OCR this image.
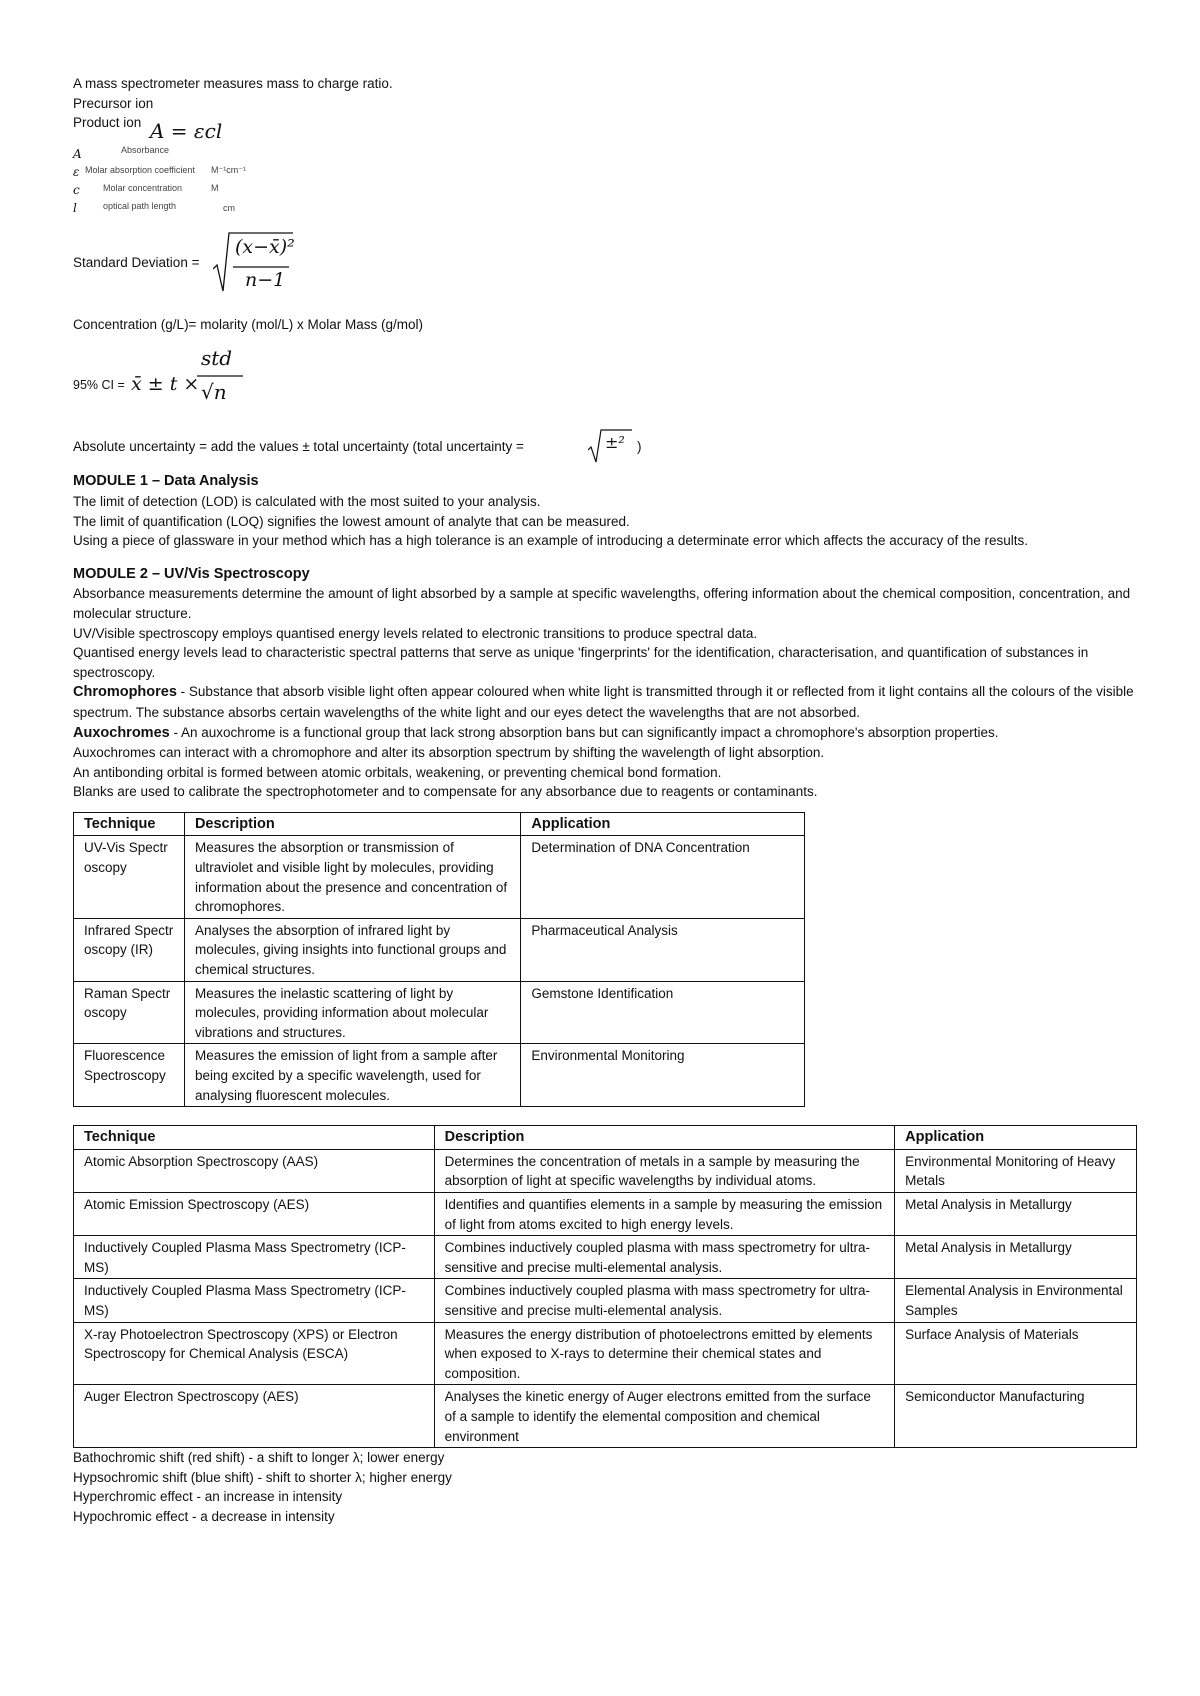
A mass spectrometer measures mass to charge ratio.
Precursor ion
Product ion A = εcl
A	Absorbance
ε Molar absorption coefficient M⁻¹cm⁻¹
c	Molar concentration	M
l	optical path length	cm
Standard Deviation =
(x−x̄)²
n−1
Concentration (g/L)= molarity (mol/L) x Molar Mass (g/mol)
95% CI = x̄ ± t ×
std
√n
Absolute uncertainty = add the values ± total uncertainty (total uncertainty =	±² )
MODULE 1 – Data Analysis
The limit of detection (LOD) is calculated with the most suited to your analysis.
The limit of quantification (LOQ) signifies the lowest amount of analyte that can be measured.
Using a piece of glassware in your method which has a high tolerance is an example of introducing a determinate error which affects the accuracy of the results.
MODULE 2 – UV/Vis Spectroscopy
Absorbance measurements determine the amount of light absorbed by a sample at specific wavelengths, offering information about the chemical composition, concentration, and molecular structure.
UV/Visible spectroscopy employs quantised energy levels related to electronic transitions to produce spectral data.
Quantised energy levels lead to characteristic spectral patterns that serve as unique 'fingerprints' for the identification, characterisation, and quantification of substances in spectroscopy.
Chromophores - Substance that absorb visible light often appear coloured when white light is transmitted through it or reflected from it light contains all the colours of the visible spectrum. The substance absorbs certain wavelengths of the white light and our eyes detect the wavelengths that are not absorbed.
Auxochromes - An auxochrome is a functional group that lack strong absorption bans but can significantly impact a chromophore's absorption properties.
Auxochromes can interact with a chromophore and alter its absorption spectrum by shifting the wavelength of light absorption.
An antibonding orbital is formed between atomic orbitals, weakening, or preventing chemical bond formation.
Blanks are used to calibrate the spectrophotometer and to compensate for any absorbance due to reagents or contaminants.
Technique	Description	Application
UV-Vis Spectroscopy	Measures the absorption or transmission of ultraviolet and visible light by molecules, providing information about the presence and concentration of chromophores.	Determination of DNA Concentration
Infrared Spectroscopy (IR)	Analyses the absorption of infrared light by molecules, giving insights into functional groups and chemical structures.	Pharmaceutical Analysis
Raman Spectroscopy	Measures the inelastic scattering of light by molecules, providing information about molecular vibrations and structures.	Gemstone Identification
Fluorescence Spectroscopy	Measures the emission of light from a sample after being excited by a specific wavelength, used for analysing fluorescent molecules.	Environmental Monitoring
Technique	Description	Application
Atomic Absorption Spectroscopy (AAS)	Determines the concentration of metals in a sample by measuring the absorption of light at specific wavelengths by individual atoms.	Environmental Monitoring of Heavy Metals
Atomic Emission Spectroscopy (AES)	Identifies and quantifies elements in a sample by measuring the emission of light from atoms excited to high energy levels.	Metal Analysis in Metallurgy
Inductively Coupled Plasma Mass Spectrometry (ICP-MS)	Combines inductively coupled plasma with mass spectrometry for ultra-sensitive and precise multi-elemental analysis.	Metal Analysis in Metallurgy
Inductively Coupled Plasma Mass Spectrometry (ICP-MS)	Combines inductively coupled plasma with mass spectrometry for ultra-sensitive and precise multi-elemental analysis.	Elemental Analysis in Environmental Samples
X-ray Photoelectron Spectroscopy (XPS) or Electron Spectroscopy for Chemical Analysis (ESCA)	Measures the energy distribution of photoelectrons emitted by elements when exposed to X-rays to determine their chemical states and composition.	Surface Analysis of Materials
Auger Electron Spectroscopy (AES)	Analyses the kinetic energy of Auger electrons emitted from the surface of a sample to identify the elemental composition and chemical environment	Semiconductor Manufacturing
Bathochromic shift (red shift) - a shift to longer λ; lower energy
Hypsochromic shift (blue shift) - shift to shorter λ; higher energy
Hyperchromic effect - an increase in intensity
Hypochromic effect - a decrease in intensity
